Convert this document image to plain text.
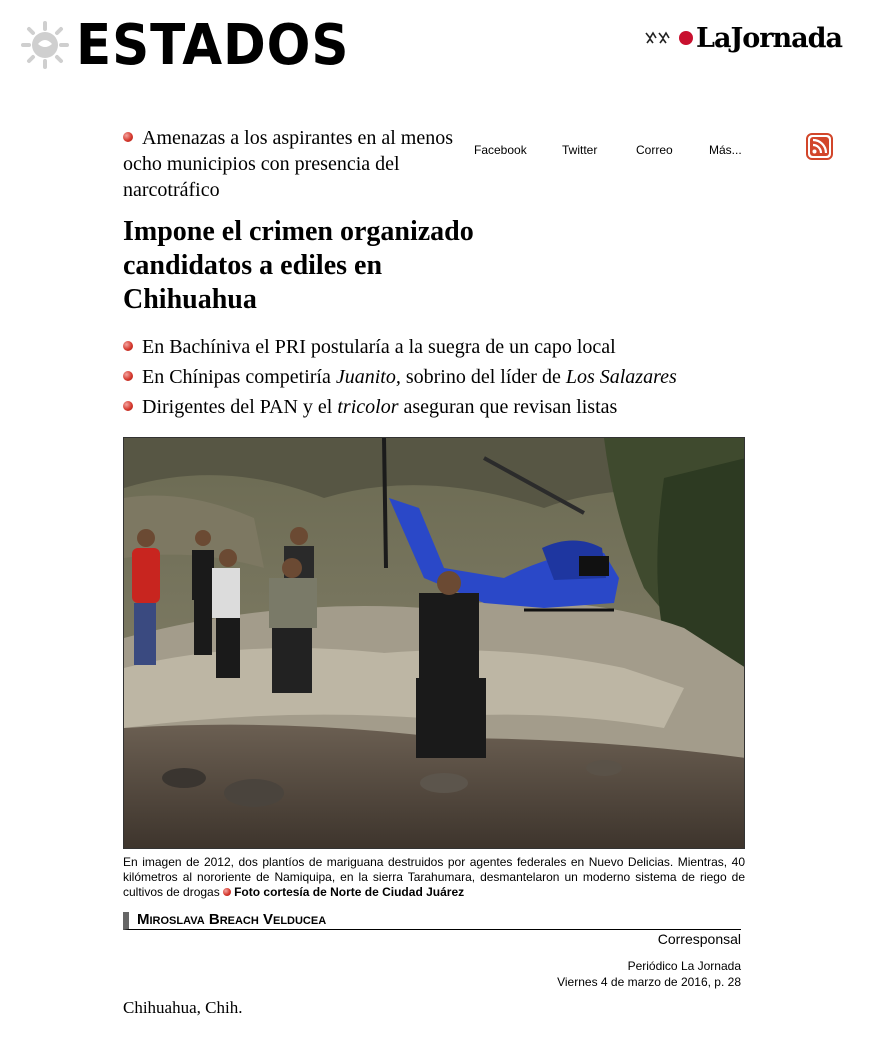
ESTADOS	LaJornada
Amenazas a los aspirantes en al menos ocho municipios con presencia del narcotráfico
Facebook	Twitter	Correo	Más...
Impone el crimen organizado candidatos a ediles en Chihuahua
En Bachíniva el PRI postularía a la suegra de un capo local
En Chínipas competiría Juanito, sobrino del líder de Los Salazares
Dirigentes del PAN y el tricolor aseguran que revisan listas

En imagen de 2012, dos plantíos de mariguana destruidos por agentes federales en Nuevo Delicias. Mientras, 40 kilómetros al nororiente de Namiquipa, en la sierra Tarahumara, desmantelaron un moderno sistema de riego de cultivos de drogas Foto cortesía de Norte de Ciudad Juárez

Miroslava Breach Velducea
Corresponsal
Periódico La Jornada
Viernes 4 de marzo de 2016, p. 28
Chihuahua, Chih.
